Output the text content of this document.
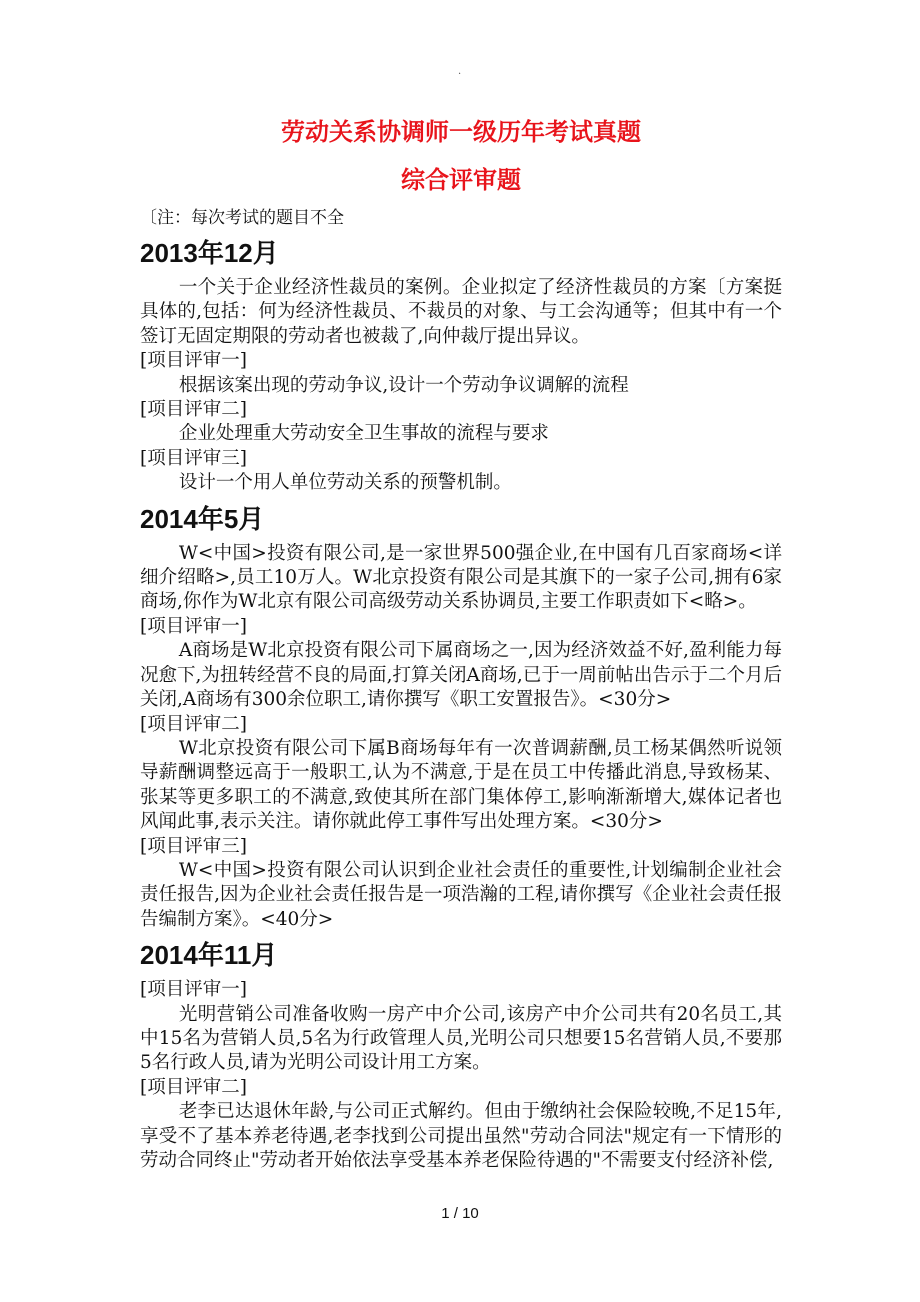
.
劳动关系协调师一级历年考试真题
综合评审题
〔注：每次考试的题目不全
2013年12月

一个关于企业经济性裁员的案例。企业拟定了经济性裁员的方案〔方案挺具体的,包括：何为经济性裁员、不裁员的对象、与工会沟通等；但其中有一个签订无固定期限的劳动者也被裁了,向仲裁厅提出异议。

[项目评审一]

根据该案出现的劳动争议,设计一个劳动争议调解的流程

[项目评审二]

企业处理重大劳动安全卫生事故的流程与要求

[项目评审三]

设计一个用人单位劳动关系的预警机制。

2014年5月

W<中国>投资有限公司,是一家世界500强企业,在中国有几百家商场<详细介绍略>,员工10万人。W北京投资有限公司是其旗下的一家子公司,拥有6家商场,你作为W北京有限公司高级劳动关系协调员,主要工作职责如下<略>。

[项目评审一]

A商场是W北京投资有限公司下属商场之一,因为经济效益不好,盈利能力每况愈下,为扭转经营不良的局面,打算关闭A商场,已于一周前帖出告示于二个月后关闭,A商场有300余位职工,请你撰写《职工安置报告》。<30分>

[项目评审二]

W北京投资有限公司下属B商场每年有一次普调薪酬,员工杨某偶然听说领导薪酬调整远高于一般职工,认为不满意,于是在员工中传播此消息,导致杨某、张某等更多职工的不满意,致使其所在部门集体停工,影响渐渐增大,媒体记者也风闻此事,表示关注。请你就此停工事件写出处理方案。<30分>

[项目评审三]

W<中国>投资有限公司认识到企业社会责任的重要性,计划编制企业社会责任报告,因为企业社会责任报告是一项浩瀚的工程,请你撰写《企业社会责任报告编制方案》。<40分>

2014年11月

[项目评审一]

光明营销公司准备收购一房产中介公司,该房产中介公司共有20名员工,其中15名为营销人员,5名为行政管理人员,光明公司只想要15名营销人员,不要那5名行政人员,请为光明公司设计用工方案。

[项目评审二]

老李已达退休年龄,与公司正式解约。但由于缴纳社会保险较晚,不足15年,享受不了基本养老待遇,老李找到公司提出虽然"劳动合同法"规定有一下情形的劳动合同终止"劳动者开始依法享受基本养老保险待遇的"不需要支付经济补偿,

1 / 10
